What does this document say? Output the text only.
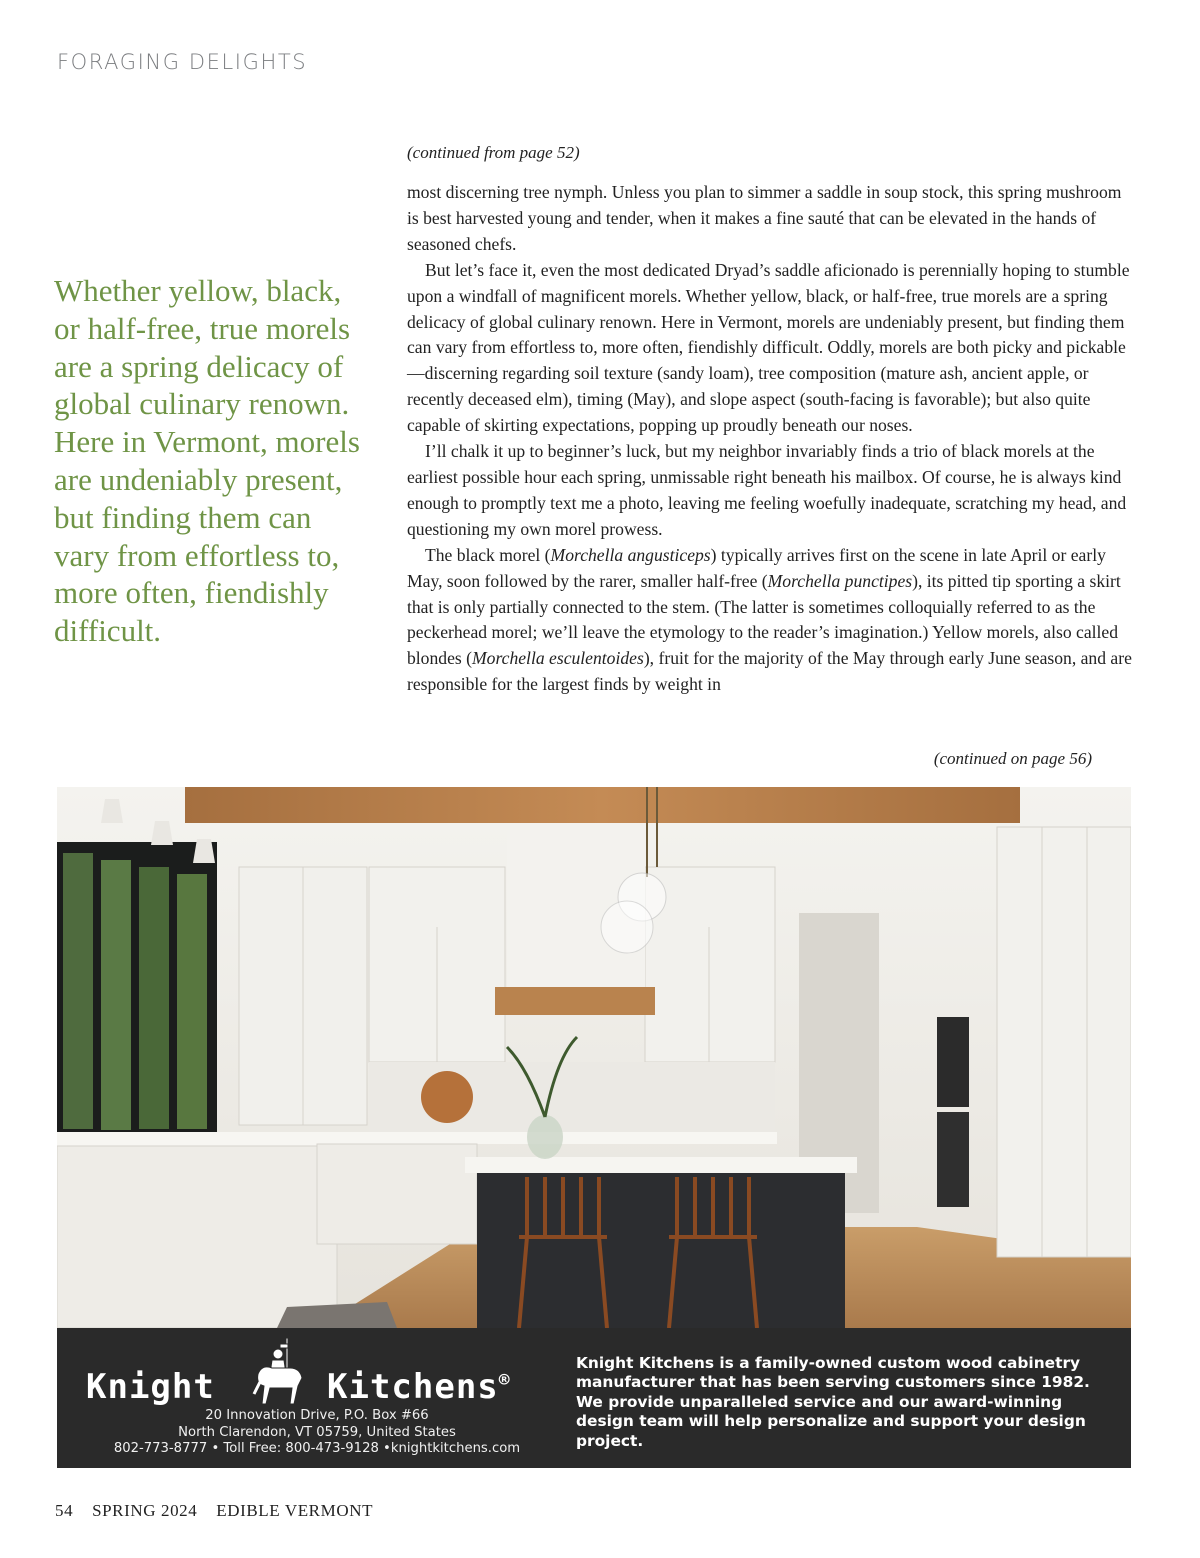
FORAGING DELIGHTS
Whether yellow, black, or half-free, true morels are a spring delicacy of global culinary renown. Here in Vermont, morels are undeniably present, but finding them can vary from effortless to, more often, fiendishly difficult.
(continued from page 52)

most discerning tree nymph. Unless you plan to simmer a saddle in soup stock, this spring mushroom is best harvested young and tender, when it makes a fine sauté that can be elevated in the hands of seasoned chefs.

But let’s face it, even the most dedicated Dryad’s saddle aficionado is perennially hoping to stumble upon a windfall of magnificent morels. Whether yellow, black, or half-free, true morels are a spring delicacy of global culinary renown. Here in Vermont, morels are undeniably present, but finding them can vary from effortless to, more often, fiendishly difficult. Oddly, morels are both picky and pickable—discerning regarding soil texture (sandy loam), tree composition (mature ash, ancient apple, or recently deceased elm), timing (May), and slope aspect (south-facing is favorable); but also quite capable of skirting expectations, popping up proudly beneath our noses.

I’ll chalk it up to beginner’s luck, but my neighbor invariably finds a trio of black morels at the earliest possible hour each spring, unmissable right beneath his mailbox. Of course, he is always kind enough to promptly text me a photo, leaving me feeling woefully inadequate, scratching my head, and questioning my own morel prowess.

The black morel (Morchella angusticeps) typically arrives first on the scene in late April or early May, soon followed by the rarer, smaller half-free (Morchella punctipes), its pitted tip sporting a skirt that is only partially connected to the stem. (The latter is sometimes colloquially referred to as the peckerhead morel; we’ll leave the etymology to the reader’s imagination.) Yellow morels, also called blondes (Morchella esculentoides), fruit for the majority of the May through early June season, and are responsible for the largest finds by weight in

(continued on page 56)
Knight	Kitchens®
20 Innovation Drive, P.O. Box #66
North Clarendon, VT 05759, United States
802-773-8777 • Toll Free: 800-473-9128 •knightkitchens.com
Knight Kitchens is a family-owned custom wood cabinetry manufacturer that has been serving customers since 1982. We provide unparalleled service and our award-winning design team will help personalize and support your design project.
54 SPRING 2024 EDIBLE VERMONT
